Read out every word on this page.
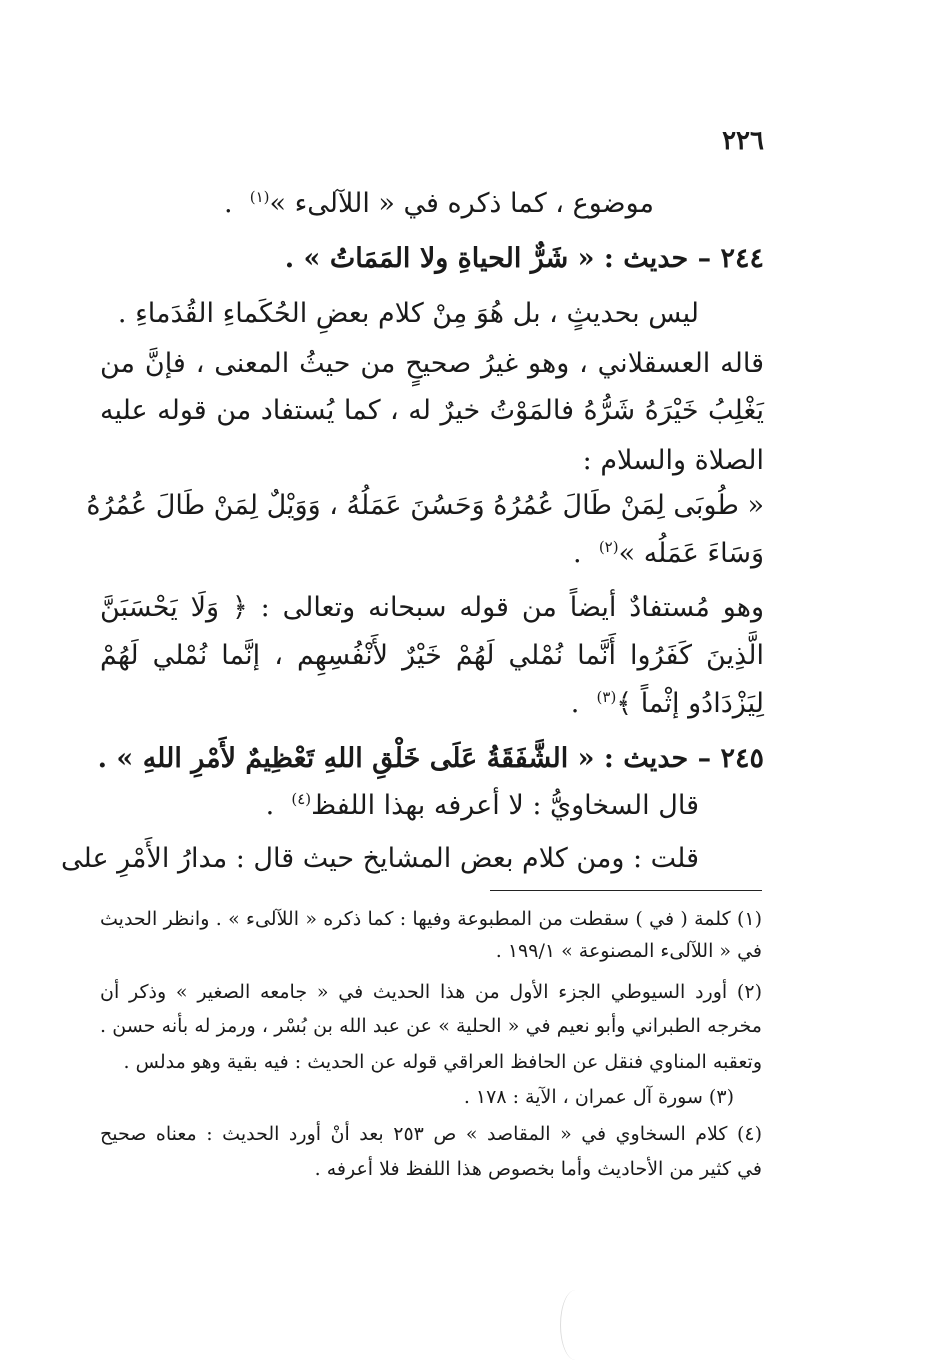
٢٢٦
موضوع ، كما ذكره في « اللآلىء »$^{(١)}$  .
٢٤٤ – حديث : « شَرٌّ الحياةِ ولا المَمَاتُ » .
ليس بحديثٍ ، بل هُوَ مِنْ كلام بعضِ الحُكَماءِ القُدَماءِ .
قاله العسقلاني ، وهو غيرُ صحيحٍ من حيثُ المعنى ، فإنَّ من
يَغْلِبُ خَيْرَهُ شَرُّهُ فالمَوْتُ خيرٌ له ، كما يُستفاد من قوله عليه
الصلاة والسلام :
« طُوبَى لِمَنْ طَالَ عُمُرُهُ وَحَسُنَ عَمَلُهُ ، وَوَيْلٌ لِمَنْ طَالَ عُمُرُهُ
وَسَاءَ عَمَلُه »$^{(٢)}$  .
وهو مُستفادٌ أيضاً من قوله سبحانه وتعالى : ﴿ وَلَا يَحْسَبَنَّ
الَّذِينَ كَفَرُوا أَنَّما نُمْلي لَهُمْ خَيْرٌ لأَنْفُسِهِم ، إنَّما نُمْلي لَهُمْ
لِيَزْدَادُو إثْماً ﴾$^{(٣)}$  .
٢٤٥ – حديث : « الشَّفَقَةُ عَلَى خَلْقِ اللهِ تَعْظِيمٌ لأَمْرِ اللهِ » .
قال السخاويُّ : لا أعرفه بهذا اللفظ$^{(٤)}$  .
قلت : ومن كلام بعض المشايخ حيث قال : مدارُ الأَمْرِ على
(١) كلمة ( في ) سقطت من المطبوعة وفيها : كما ذكره « اللآلىء » . وانظر الحديث
في « اللآلىء المصنوعة » ١٩٩/١ .
(٢) أورد السيوطي الجزء الأول من هذا الحديث في « جامعه الصغير » وذكر أن
مخرجه الطبراني وأبو نعيم في « الحلية » عن عبد الله بن بُسْر ، ورمز له بأنه حسن .
وتعقبه المناوي فنقل عن الحافظ العراقي قوله عن الحديث : فيه بقية وهو مدلس .
(٣) سورة آل عمران ، الآية : ١٧٨ .
(٤) كلام السخاوي في « المقاصد » ص ٢٥٣ بعد أنْ أورد الحديث : معناه صحيح
في كثير من الأحاديث وأما بخصوص هذا اللفظ فلا أعرفه .
